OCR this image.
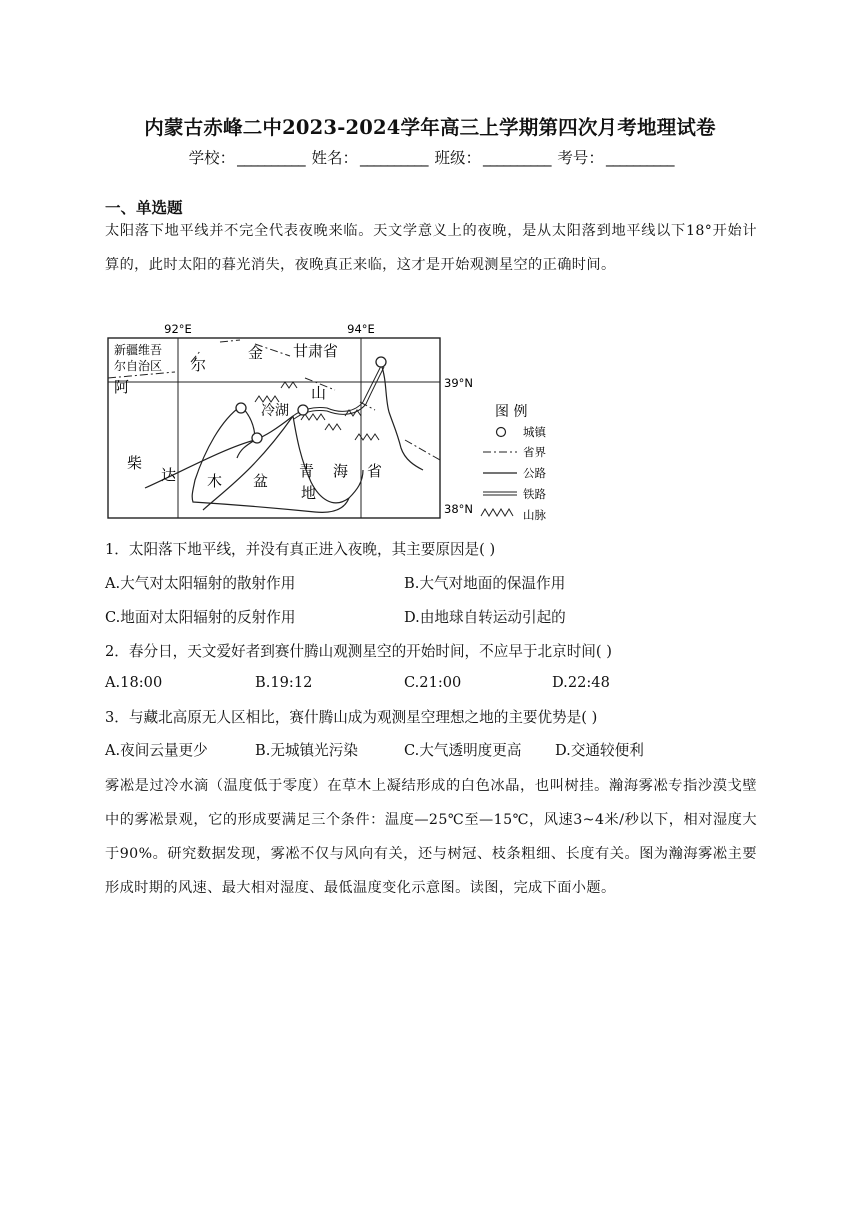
内蒙古赤峰二中2023-2024学年高三上学期第四次月考地理试卷
学校： __________ 姓名： __________ 班级： __________ 考号： __________
一、单选题
太阳落下地平线并不完全代表夜晚来临。天文学意义上的夜晚，是从太阳落到地平线以下18°开始计算的，此时太阳的暮光消失，夜晚真正来临，这才是开始观测星空的正确时间。
92°E	94°E
39°N
38°N
新疆维吾
尔自治区
阿
尔
金 甘肃省
山
冷湖
柴
达 木 盆
青
地
海 省
图 例
城镇
省界
公路
铁路
山脉
1．太阳落下地平线，并没有真正进入夜晚，其主要原因是( )
A.大气对太阳辐射的散射作用	B.大气对地面的保温作用
C.地面对太阳辐射的反射作用	D.由地球自转运动引起的
2．春分日，天文爱好者到赛什腾山观测星空的开始时间，不应早于北京时间( )
A.18:00	B.19:12	C.21:00	D.22:48
3．与藏北高原无人区相比，赛什腾山成为观测星空理想之地的主要优势是( )
A.夜间云量更少	B.无城镇光污染	C.大气透明度更高 D.交通较便利
雾凇是过冷水滴（温度低于零度）在草木上凝结形成的白色冰晶，也叫树挂。瀚海雾凇专指沙漠戈壁中的雾凇景观，它的形成要满足三个条件：温度—25℃至—15℃，风速3~4米/秒以下，相对湿度大于90%。研究数据发现，雾凇不仅与风向有关，还与树冠、枝条粗细、长度有关。图为瀚海雾凇主要形成时期的风速、最大相对湿度、最低温度变化示意图。读图，完成下面小题。
